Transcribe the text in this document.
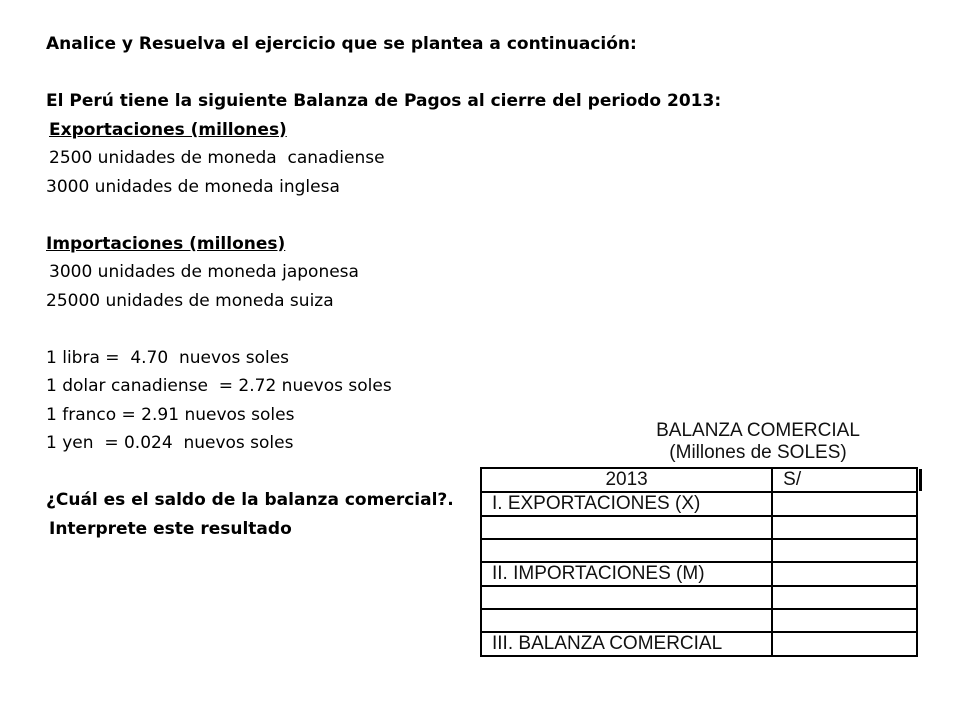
Analice y Resuelva el ejercicio que se plantea a continuación:
El Perú tiene la siguiente Balanza de Pagos al cierre del periodo 2013:
Exportaciones (millones)
2500 unidades de moneda  canadiense
3000 unidades de moneda inglesa
Importaciones (millones)
3000 unidades de moneda japonesa
25000 unidades de moneda suiza
1 libra =  4.70  nuevos soles
1 dolar canadiense  = 2.72 nuevos soles
1 franco = 2.91 nuevos soles
1 yen  = 0.024  nuevos soles
¿Cuál es el saldo de la balanza comercial?.
Interprete este resultado
BALANZA COMERCIAL
(Millones de SOLES)
2013	S/
I. EXPORTACIONES (X)	

II. IMPORTACIONES (M)	

III. BALANZA COMERCIAL	
